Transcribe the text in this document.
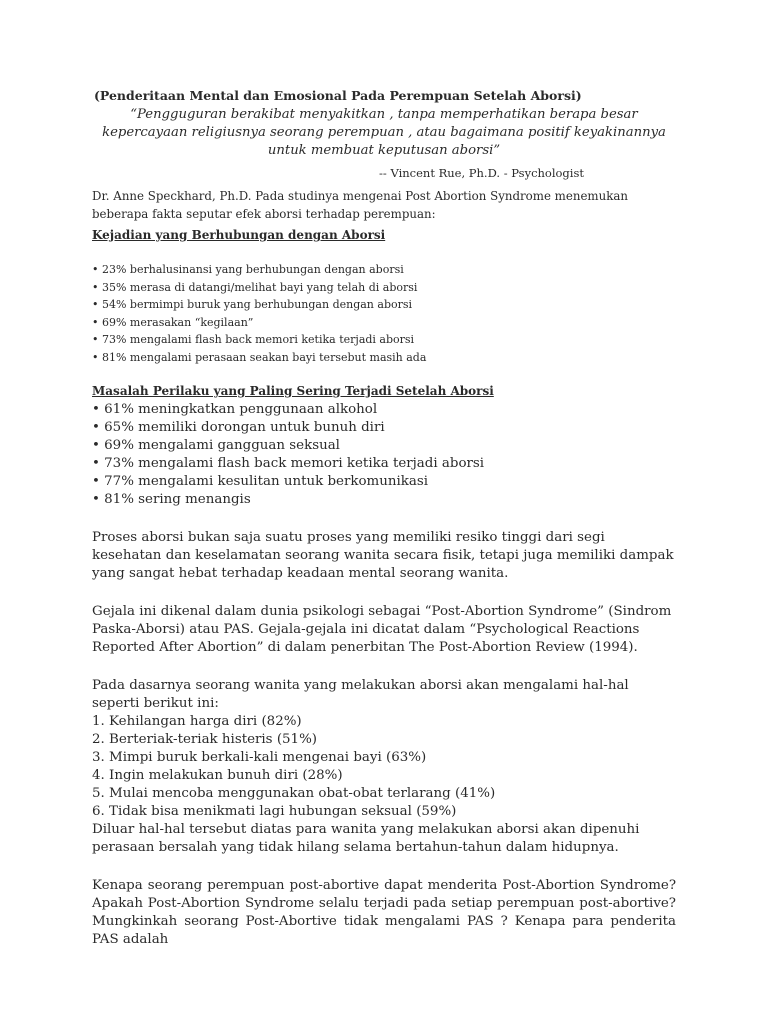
(Penderitaan Mental dan Emosional Pada Perempuan Setelah Aborsi)

“Pengguguran berakibat menyakitkan , tanpa memperhatikan berapa besar kepercayaan religiusnya seorang perempuan , atau bagaimana positif keyakinannya untuk membuat keputusan aborsi”

-- Vincent Rue, Ph.D. - Psychologist
Dr. Anne Speckhard, Ph.D. Pada studinya mengenai Post Abortion Syndrome menemukan beberapa fakta seputar efek aborsi terhadap perempuan:
Kejadian yang Berhubungan dengan Aborsi
• 23% berhalusinansi yang berhubungan dengan aborsi
• 35% merasa di datangi/melihat bayi yang telah di aborsi
• 54% bermimpi buruk yang berhubungan dengan aborsi
• 69% merasakan “kegilaan”
• 73% mengalami flash back memori ketika terjadi aborsi
• 81% mengalami perasaan seakan bayi tersebut masih ada
Masalah Perilaku yang Paling Sering Terjadi Setelah Aborsi
• 61% meningkatkan penggunaan alkohol
• 65% memiliki dorongan untuk bunuh diri
• 69% mengalami gangguan seksual
• 73% mengalami flash back memori ketika terjadi aborsi
• 77% mengalami kesulitan untuk berkomunikasi
• 81% sering menangis

Proses aborsi bukan saja suatu proses yang memiliki resiko tinggi dari segi kesehatan dan keselamatan seorang wanita secara fisik, tetapi juga memiliki dampak yang sangat hebat terhadap keadaan mental seorang wanita.

Gejala ini dikenal dalam dunia psikologi sebagai “Post-Abortion Syndrome” (Sindrom Paska-Aborsi) atau PAS. Gejala-gejala ini dicatat dalam “Psychological Reactions Reported After Abortion” di dalam penerbitan The Post-Abortion Review (1994).

Pada dasarnya seorang wanita yang melakukan aborsi akan mengalami hal-hal seperti berikut ini:

1. Kehilangan harga diri (82%)
2. Berteriak-teriak histeris (51%)
3. Mimpi buruk berkali-kali mengenai bayi (63%)
4. Ingin melakukan bunuh diri (28%)
5. Mulai mencoba menggunakan obat-obat terlarang (41%)
6. Tidak bisa menikmati lagi hubungan seksual (59%)

Diluar hal-hal tersebut diatas para wanita yang melakukan aborsi akan dipenuhi perasaan bersalah yang tidak hilang selama bertahun-tahun dalam hidupnya.

Kenapa seorang perempuan post-abortive dapat menderita Post-Abortion Syndrome? Apakah Post-Abortion Syndrome selalu terjadi pada setiap perempuan post-abortive? Mungkinkah seorang Post-Abortive tidak mengalami PAS ? Kenapa para penderita PAS adalah
